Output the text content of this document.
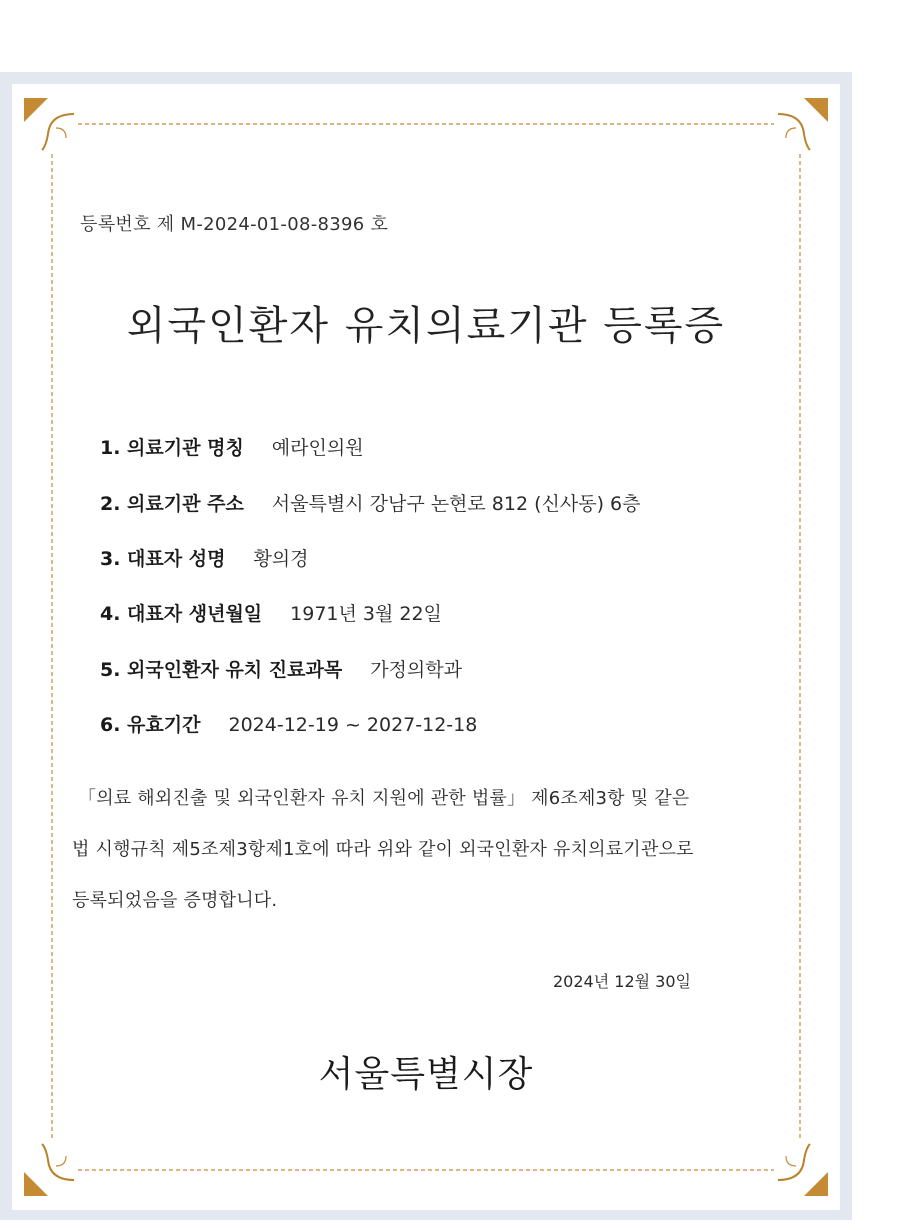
등록번호 제 M-2024-01-08-8396 호
외국인환자 유치의료기관 등록증
1. 의료기관 명칭 예라인의원
2. 의료기관 주소 서울특별시 강남구 논현로 812 (신사동) 6층
3. 대표자 성명 황의경
4. 대표자 생년월일 1971년 3월 22일
5. 외국인환자 유치 진료과목 가정의학과
6. 유효기간 2024-12-19 ~ 2027-12-18
「의료 해외진출 및 외국인환자 유치 지원에 관한 법률」 제6조제3항 및 같은
법 시행규칙 제5조제3항제1호에 따라 위와 같이 외국인환자 유치의료기관으로
등록되었음을 증명합니다.
2024년 12월 30일
서울특별시장
